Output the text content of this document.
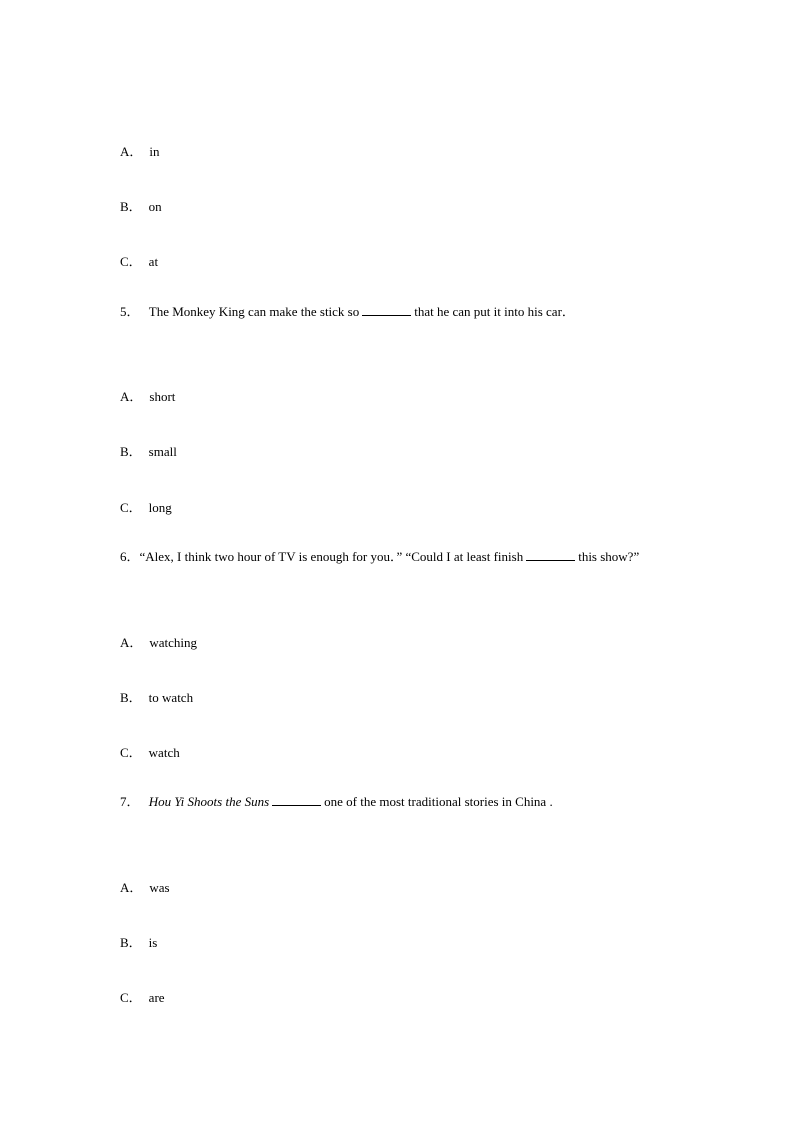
A． in
B． on
C． at
5． The Monkey King can make the stick so	that he can put it into his car．
A． short
B． small
C． long
6．“Alex, I think two hour of TV is enough for you．” “Could I at least finish	this show?”
A． watching
B． to watch
C． watch
7． Hou Yi Shoots the Suns	one of the most traditional stories in China .
A． was
B． is
C． are
